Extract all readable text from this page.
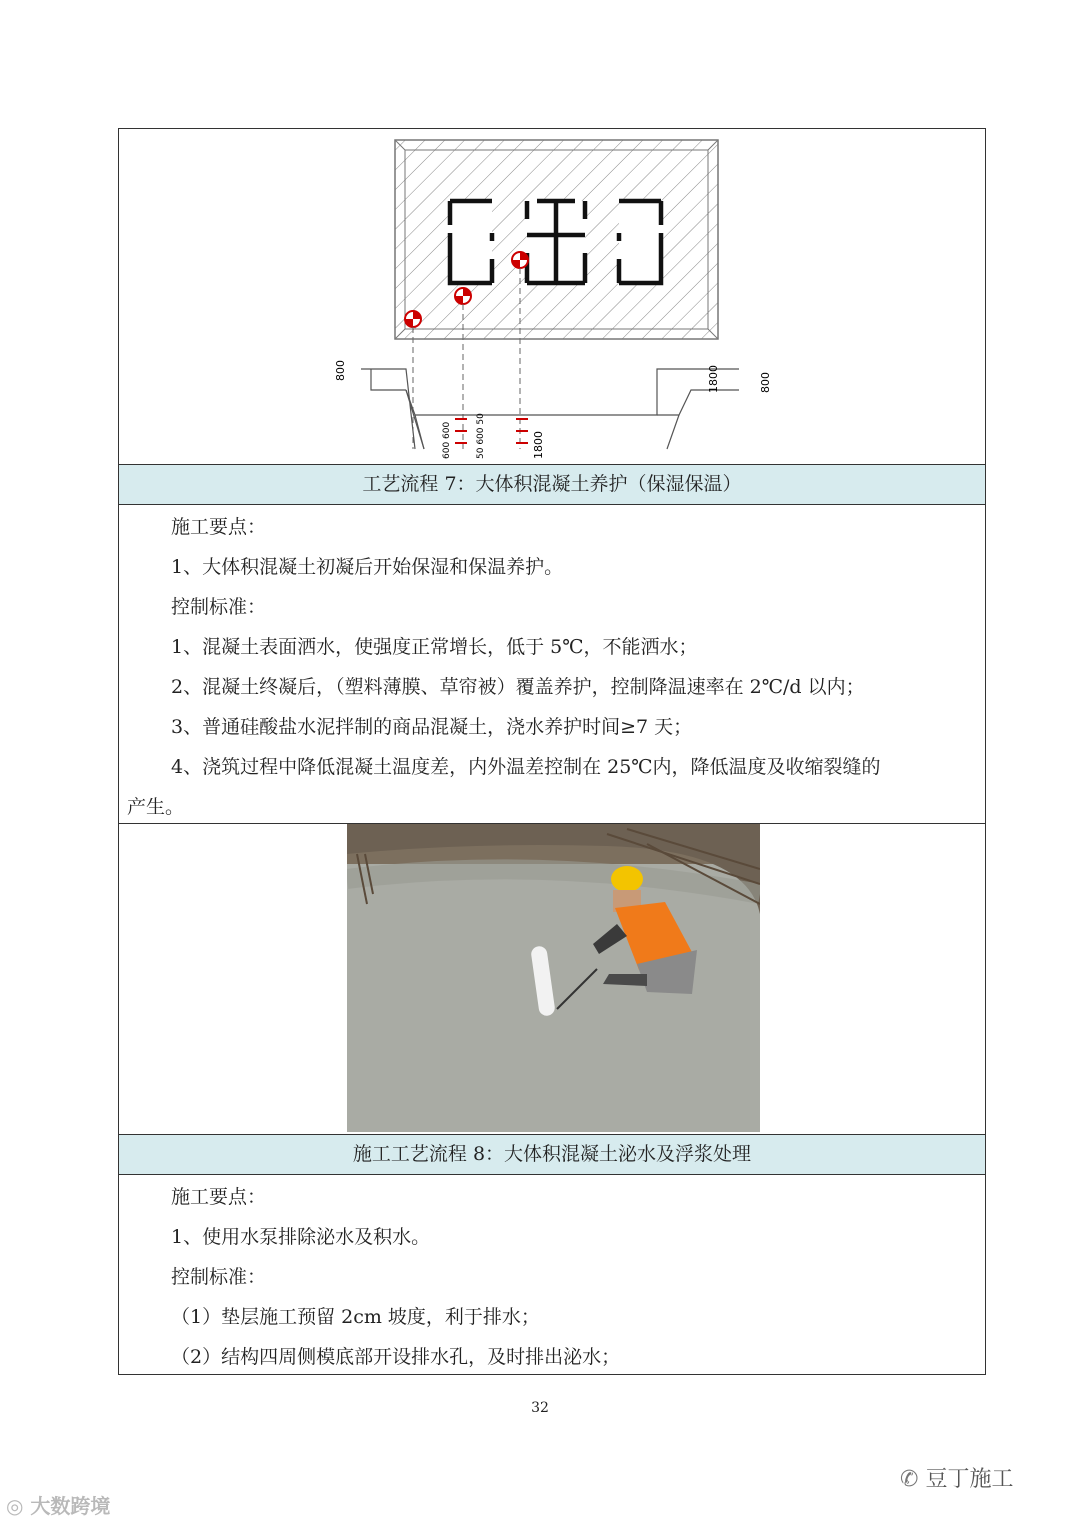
800	1800	800
600 600	50 600 50	1800
工艺流程 7：大体积混凝土养护（保湿保温）
施工要点：
1、大体积混凝土初凝后开始保湿和保温养护。
控制标准：
1、混凝土表面洒水，使强度正常增长，低于 5℃，不能洒水；
2、混凝土终凝后，（塑料薄膜、草帘被）覆盖养护，控制降温速率在 2℃/d 以内；
3、普通硅酸盐水泥拌制的商品混凝土，浇水养护时间≥7 天；
4、浇筑过程中降低混凝土温度差，内外温差控制在 25℃内，降低温度及收缩裂缝的
产生。
施工工艺流程 8：大体积混凝土泌水及浮浆处理
施工要点：
1、使用水泵排除泌水及积水。
控制标准：
（1）垫层施工预留 2cm 坡度，利于排水；
（2）结构四周侧模底部开设排水孔，及时排出泌水；
32
◎ 大数跨境
✆ 豆丁施工
